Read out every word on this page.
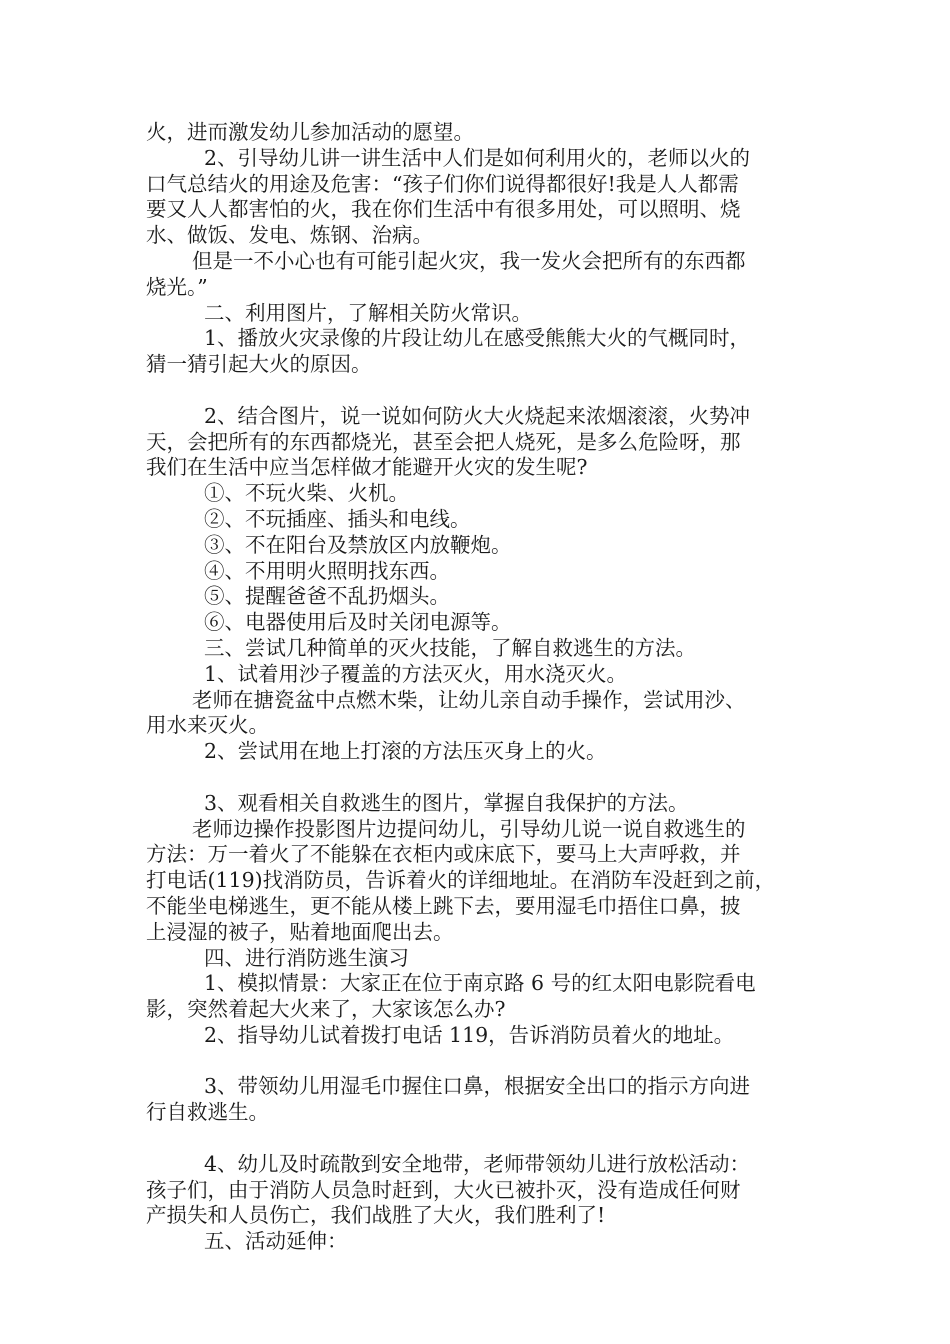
火，进而激发幼儿参加活动的愿望。
2、引导幼儿讲一讲生活中人们是如何利用火的，老师以火的
口气总结火的用途及危害：“孩子们你们说得都很好!我是人人都需
要又人人都害怕的火，我在你们生活中有很多用处，可以照明、烧
水、做饭、发电、炼钢、治病。
但是一不小心也有可能引起火灾，我一发火会把所有的东西都
烧光。”
二、利用图片，了解相关防火常识。
1、播放火灾录像的片段让幼儿在感受熊熊大火的气概同时，
猜一猜引起大火的原因。
2、结合图片，说一说如何防火大火烧起来浓烟滚滚，火势冲
天，会把所有的东西都烧光，甚至会把人烧死，是多么危险呀，那
我们在生活中应当怎样做才能避开火灾的发生呢?
①、不玩火柴、火机。
②、不玩插座、插头和电线。
③、不在阳台及禁放区内放鞭炮。
④、不用明火照明找东西。
⑤、提醒爸爸不乱扔烟头。
⑥、电器使用后及时关闭电源等。
三、尝试几种简单的灭火技能，了解自救逃生的方法。
1、试着用沙子覆盖的方法灭火，用水浇灭火。
老师在搪瓷盆中点燃木柴，让幼儿亲自动手操作，尝试用沙、
用水来灭火。
2、尝试用在地上打滚的方法压灭身上的火。
3、观看相关自救逃生的图片，掌握自我保护的方法。
老师边操作投影图片边提问幼儿，引导幼儿说一说自救逃生的
方法：万一着火了不能躲在衣柜内或床底下，要马上大声呼救，并
打电话(119)找消防员，告诉着火的详细地址。在消防车没赶到之前，
不能坐电梯逃生，更不能从楼上跳下去，要用湿毛巾捂住口鼻，披
上浸湿的被子，贴着地面爬出去。
四、进行消防逃生演习
1、模拟情景：大家正在位于南京路 6 号的红太阳电影院看电
影，突然着起大火来了，大家该怎么办?
2、指导幼儿试着拨打电话 119，告诉消防员着火的地址。
3、带领幼儿用湿毛巾握住口鼻，根据安全出口的指示方向进
行自救逃生。
4、幼儿及时疏散到安全地带，老师带领幼儿进行放松活动：
孩子们，由于消防人员急时赶到，大火已被扑灭，没有造成任何财
产损失和人员伤亡，我们战胜了大火，我们胜利了!
五、活动延伸：
